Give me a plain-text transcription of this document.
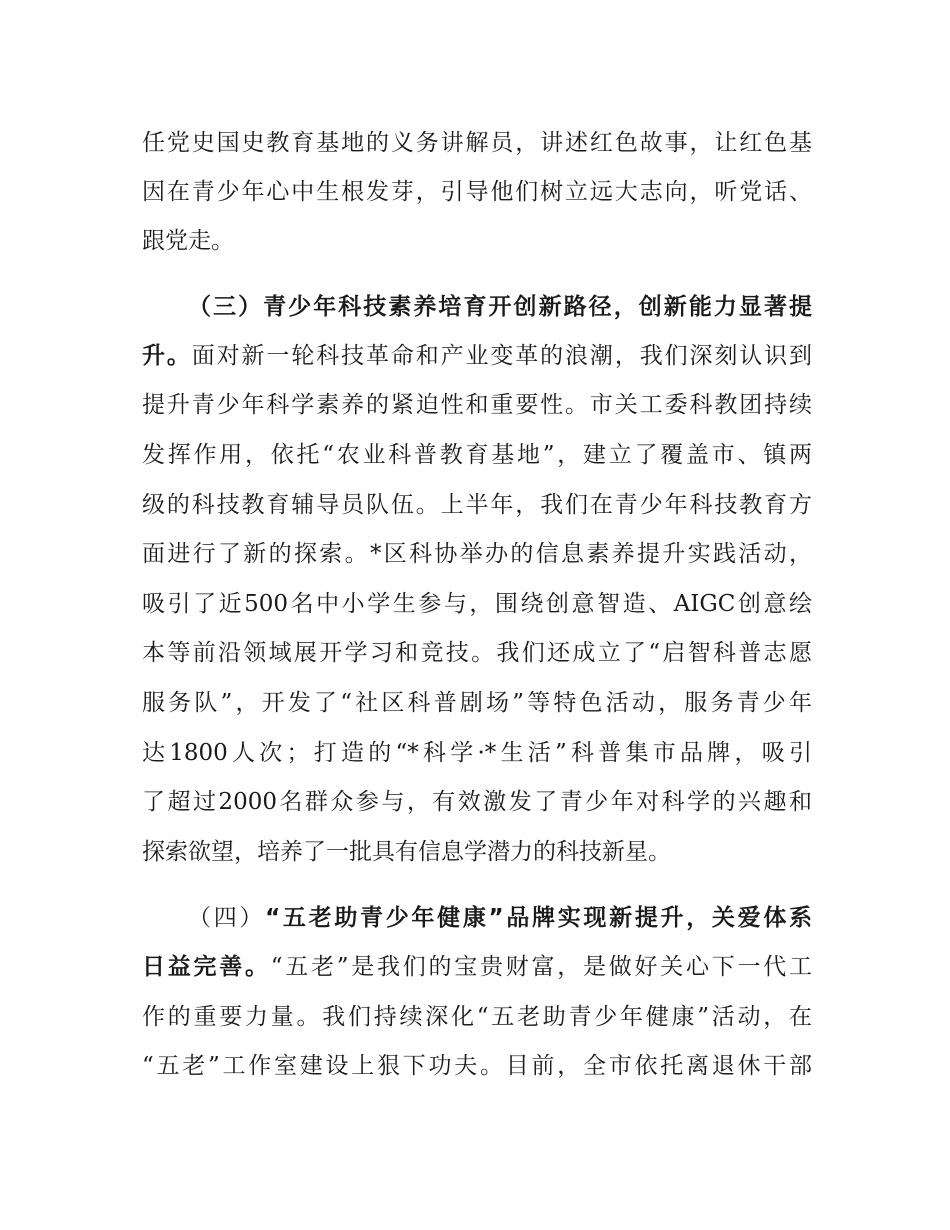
任党史国史教育基地的义务讲解员，讲述红色故事，让红色基
因在青少年心中生根发芽，引导他们树立远大志向，听党话、
跟党走。
（三）青少年科技素养培育开创新路径，创新能力显著提
升。面对新一轮科技革命和产业变革的浪潮，我们深刻认识到
提升青少年科学素养的紧迫性和重要性。市关工委科教团持续
发挥作用，依托“农业科普教育基地”，建立了覆盖市、镇两
级的科技教育辅导员队伍。上半年，我们在青少年科技教育方
面进行了新的探索。*区科协举办的信息素养提升实践活动，
吸引了近500名中小学生参与，围绕创意智造、AIGC创意绘
本等前沿领域展开学习和竞技。我们还成立了“启智科普志愿
服务队”，开发了“社区科普剧场”等特色活动，服务青少年
达1800人次；打造的“*科学·*生活”科普集市品牌，吸引
了超过2000名群众参与，有效激发了青少年对科学的兴趣和
探索欲望，培养了一批具有信息学潜力的科技新星。
（四）“五老助青少年健康”品牌实现新提升，关爱体系
日益完善。“五老”是我们的宝贵财富，是做好关心下一代工
作的重要力量。我们持续深化“五老助青少年健康”活动，在
“五老”工作室建设上狠下功夫。目前，全市依托离退休干部
